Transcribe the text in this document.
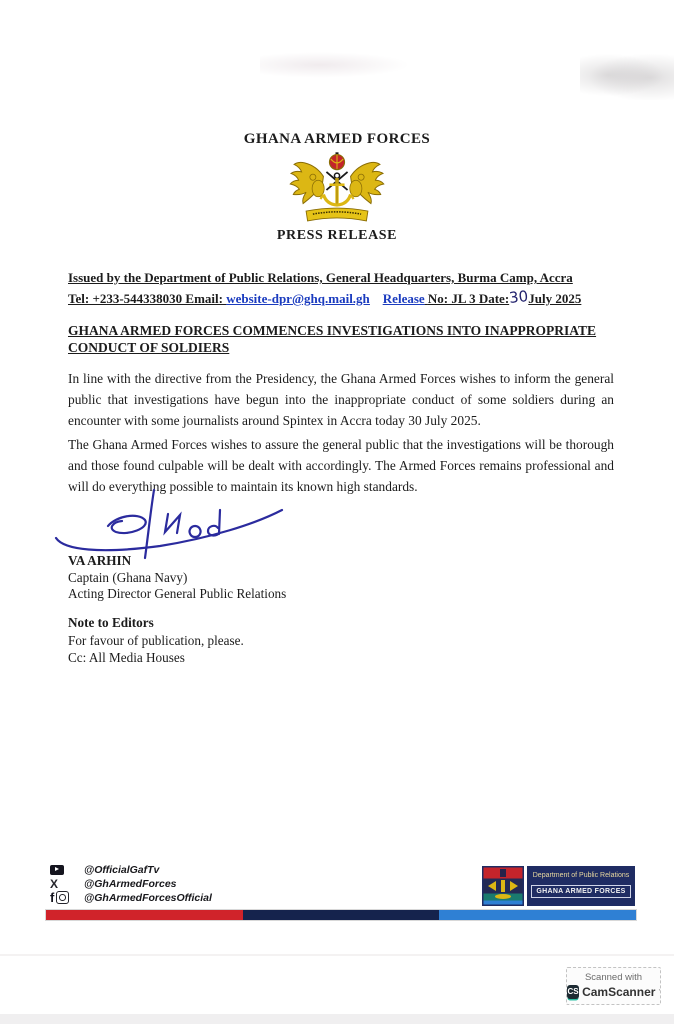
GHANA ARMED FORCES
PRESS RELEASE
Issued by the Department of Public Relations, General Headquarters, Burma Camp, Accra
Tel: +233-544338030 Email: website-dpr@ghq.mail.gh Release No: JL 3 Date:30July 2025
GHANA ARMED FORCES COMMENCES INVESTIGATIONS INTO INAPPROPRIATE
CONDUCT OF SOLDIERS
In line with the directive from the Presidency, the Ghana Armed Forces wishes to inform the general public that investigations have begun into the inappropriate conduct of some soldiers during an encounter with some journalists around Spintex in Accra today 30 July 2025.
The Ghana Armed Forces wishes to assure the general public that the investigations will be thorough and those found culpable will be dealt with accordingly. The Armed Forces remains professional and will do everything possible to maintain its known high standards.
VA ARHIN
Captain (Ghana Navy)
Acting Director General Public Relations
Note to Editors
For favour of publication, please.
Cc: All Media Houses
@OfficialGafTv
X @GhArmedForces
f	@GhArmedForcesOfficial
Department of Public Relations
GHANA ARMED FORCES
Scanned with
CS CamScanner ’
